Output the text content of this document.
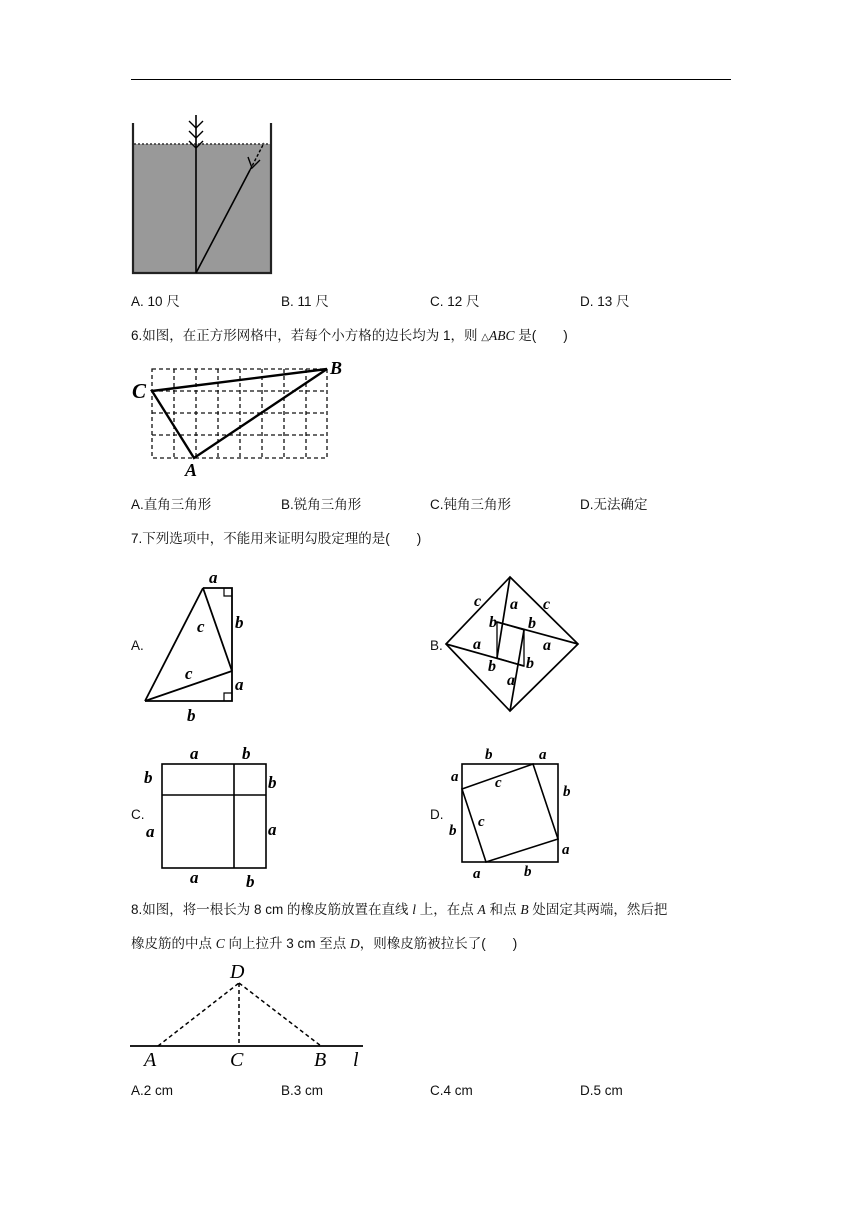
A. 10 尺	B. 11 尺	C. 12 尺	D. 13 尺
6.如图，在正方形网格中，若每个小方格的边长均为 1，则 △ABC 是(　　)
C
B
A
A.直角三角形	B.锐角三角形	C.钝角三角形	D.无法确定
7.下列选项中，不能用来证明勾股定理的是(　　)
A.	B.
C.	D.
a
b
c
c
a
b
c a c
b b
a	a
b b
a
a	b
b	b
a	a
a	b
b	a
a c
b
b
c
a
a	b
8.如图，将一根长为 8 cm 的橡皮筋放置在直线 l 上，在点 A 和点 B 处固定其两端，然后把
橡皮筋的中点 C 向上拉升 3 cm 至点 D，则橡皮筋被拉长了(　　)
D
A	C	B l
A.2 cm	B.3 cm	C.4 cm	D.5 cm
